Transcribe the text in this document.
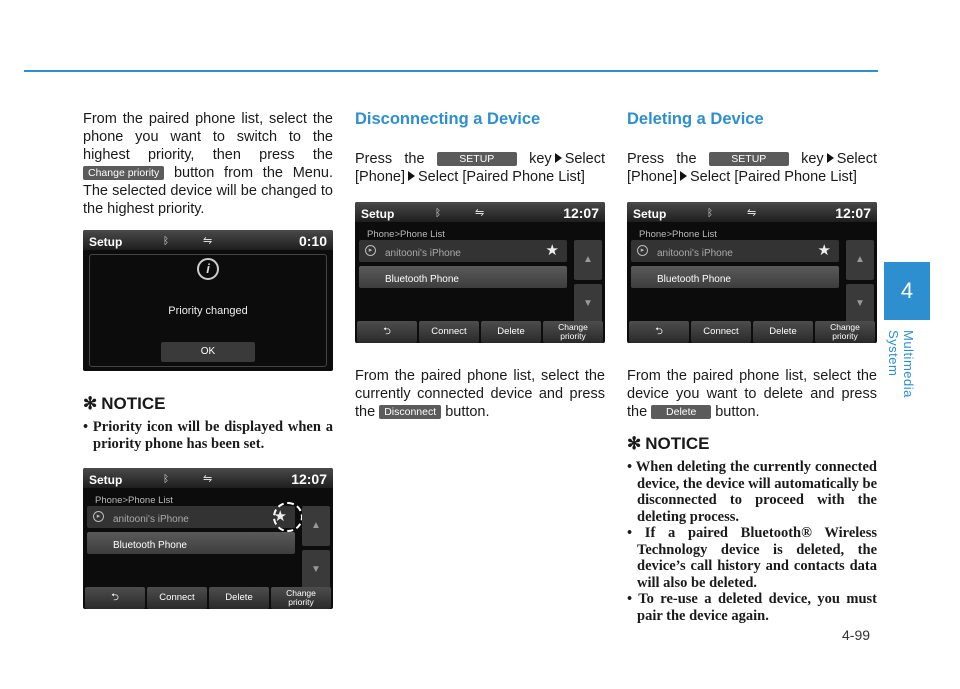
4
Multimedia System
4-99

From the paired phone list, select the phone you want to switch to the highest priority, then press the Change priority button from the Menu. The selected device will be changed to the highest priority.

Setup	ᛒ	⇋	0:10
i
Priority changed
OK
✻ NOTICE
• Priority icon will be displayed when a priority phone has been set.
Setup	ᛒ	⇋	12:07
Phone>Phone List
▸	anitooni's iPhone	★
Bluetooth Phone
▲
▼
⮌	Connect	Delete	Change
priority
Disconnecting a Device

Press the	SETUP key Select [Phone] Select [Paired Phone List]

Setup	ᛒ	⇋	12:07
Phone>Phone List
▸	anitooni's iPhone	★
Bluetooth Phone
▲
▼
⮌	Connect	Delete	Change
priority

From the paired phone list, select the currently connected device and press the Disconnect button.

Deleting a Device

Press the	SETUP key Select [Phone] Select [Paired Phone List]

Setup	ᛒ	⇋	12:07
Phone>Phone List
▸	anitooni's iPhone	★
Bluetooth Phone
▲
▼
⮌	Connect	Delete	Change
priority

From the paired phone list, select the device you want to delete and press the Delete button.

✻ NOTICE
• When deleting the currently connected device, the device will automatically be disconnected to proceed with the deleting process.
• If a paired Bluetooth® Wireless Technology device is deleted, the device’s call history and contacts data will also be deleted.
• To re-use a deleted device, you must pair the device again.
